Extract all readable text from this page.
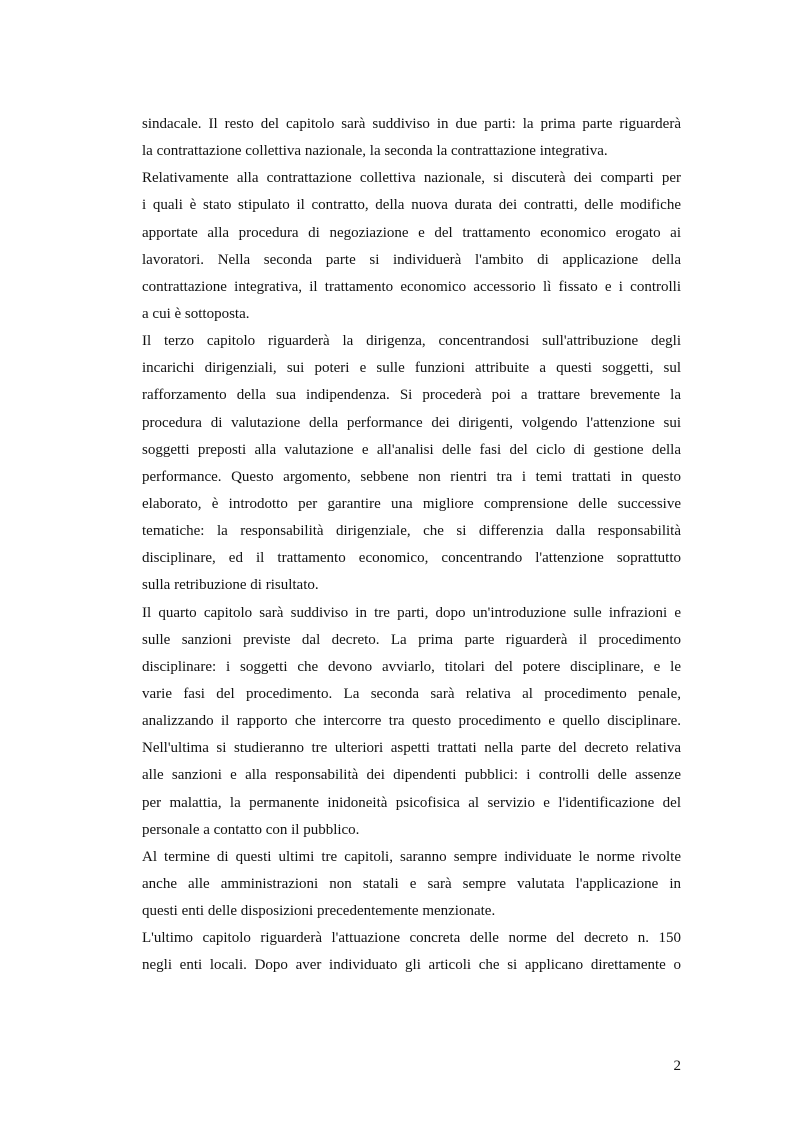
sindacale. Il resto del capitolo sarà suddiviso in due parti: la prima parte riguarderà
la contrattazione collettiva nazionale, la seconda la contrattazione integrativa.
Relativamente alla contrattazione collettiva nazionale, si discuterà dei comparti per
i quali è stato stipulato il contratto, della nuova durata dei contratti, delle modifiche
apportate alla procedura di negoziazione e del trattamento economico erogato ai
lavoratori. Nella seconda parte si individuerà l'ambito di applicazione della
contrattazione integrativa, il trattamento economico accessorio lì fissato e i controlli
a cui è sottoposta.
Il terzo capitolo riguarderà la dirigenza, concentrandosi sull'attribuzione degli
incarichi dirigenziali, sui poteri e sulle funzioni attribuite a questi soggetti, sul
rafforzamento della sua indipendenza. Si procederà poi a trattare brevemente la
procedura di valutazione della performance dei dirigenti, volgendo l'attenzione sui
soggetti preposti alla valutazione e all'analisi delle fasi del ciclo di gestione della
performance. Questo argomento, sebbene non rientri tra i temi trattati in questo
elaborato, è introdotto per garantire una migliore comprensione delle successive
tematiche: la responsabilità dirigenziale, che si differenzia dalla responsabilità
disciplinare, ed il trattamento economico, concentrando l'attenzione soprattutto
sulla retribuzione di risultato.
Il quarto capitolo sarà suddiviso in tre parti, dopo un'introduzione sulle infrazioni e
sulle sanzioni previste dal decreto. La prima parte riguarderà il procedimento
disciplinare: i soggetti che devono avviarlo, titolari del potere disciplinare, e le
varie fasi del procedimento. La seconda sarà relativa al procedimento penale,
analizzando il rapporto che intercorre tra questo procedimento e quello disciplinare.
Nell'ultima si studieranno tre ulteriori aspetti trattati nella parte del decreto relativa
alle sanzioni e alla responsabilità dei dipendenti pubblici: i controlli delle assenze
per malattia, la permanente inidoneità psicofisica al servizio e l'identificazione del
personale a contatto con il pubblico.
Al termine di questi ultimi tre capitoli, saranno sempre individuate le norme rivolte
anche alle amministrazioni non statali e sarà sempre valutata l'applicazione in
questi enti delle disposizioni precedentemente menzionate.
L'ultimo capitolo riguarderà l'attuazione concreta delle norme del decreto n. 150
negli enti locali. Dopo aver individuato gli articoli che si applicano direttamente o
2
